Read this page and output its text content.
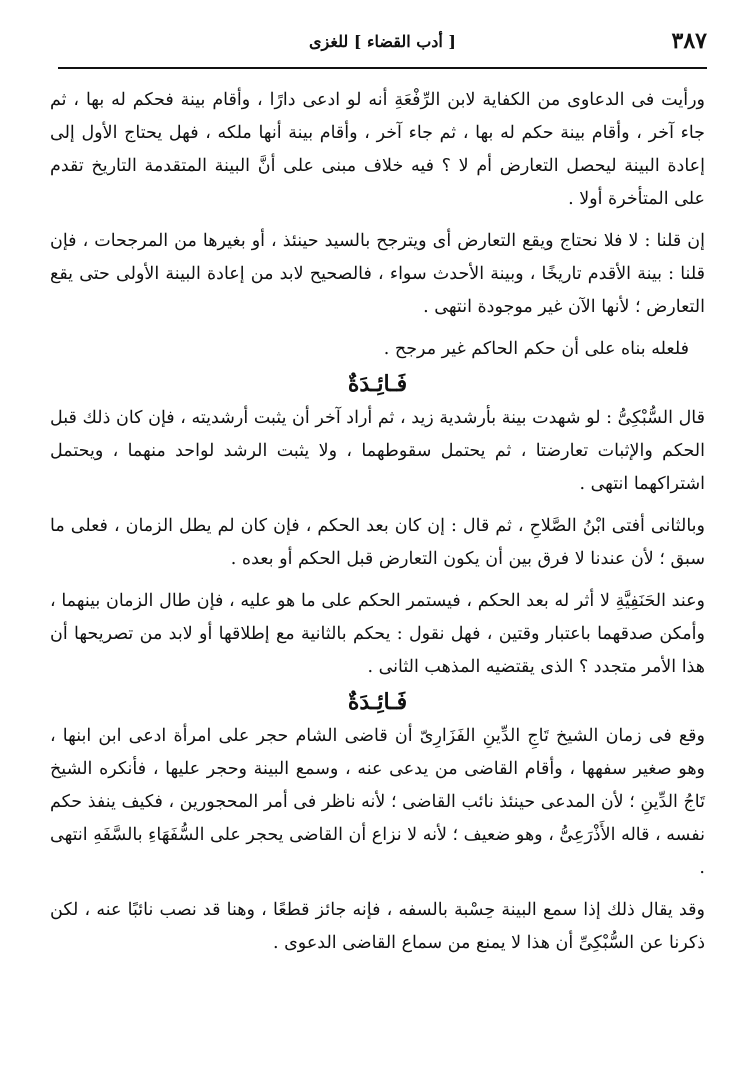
٣٨٧
[ أدب القضاء ] للغزى

ورأيت فى الدعاوى من الكفاية لابن الرِّفْعَةِ أنه لو ادعى دارًا ، وأقام بينة فحكم له بها ، ثم جاء آخر ، وأقام بينة حكم له بها ، ثم جاء آخر ، وأقام بينة أنها ملكه ، فهل يحتاج الأول إلى إعادة البينة ليحصل التعارض أم لا ؟ فيه خلاف مبنى على أنَّ البينة المتقدمة التاريخ تقدم على المتأخرة أولا .

إن قلنا : لا فلا نحتاج ويقع التعارض أى ويترجح بالسيد حينئذ ، أو بغيرها من المرجحات ، فإن قلنا : بينة الأقدم تاريخًا ، وبينة الأحدث سواء ، فالصحيح لابد من إعادة البينة الأولى حتى يقع التعارض ؛ لأنها الآن غير موجودة انتهى .

فلعله بناه على أن حكم الحاكم غير مرجح .

فَـائِـدَةٌ

قال السُّبْكِىُّ : لو شهدت بينة بأرشدية زيد ، ثم أراد آخر أن يثبت أرشديته ، فإن كان ذلك قبل الحكم والإثبات تعارضتا ، ثم يحتمل سقوطهما ، ولا يثبت الرشد لواحد منهما ، ويحتمل اشتراكهما انتهى .

وبالثانى أفتى ابْنُ الصَّلاحِ ، ثم قال : إن كان بعد الحكم ، فإن كان لم يطل الزمان ، فعلى ما سبق ؛ لأن عندنا لا فرق بين أن يكون التعارض قبل الحكم أو بعده .

وعند الحَنَفِيَّةِ لا أثر له بعد الحكم ، فيستمر الحكم على ما هو عليه ، فإن طال الزمان بينهما ، وأمكن صدقهما باعتبار وقتين ، فهل نقول : يحكم بالثانية مع إطلاقها أو لابد من تصريحها أن هذا الأمر متجدد ؟ الذى يقتضيه المذهب الثانى .

فَـائِـدَةٌ

وقع فى زمان الشيخ تَاجِ الدِّينِ الفَزَارِىّ أن قاضى الشام حجر على امرأة ادعى ابن ابنها ، وهو صغير سفهها ، وأقام القاضى من يدعى عنه ، وسمع البينة وحجر عليها ، فأنكره الشيخ تَاجُ الدِّينِ ؛ لأن المدعى حينئذ نائب القاضى ؛ لأنه ناظر فى أمر المحجورين ، فكيف ينفذ حكم نفسه ، قاله الأَذْرَعِىُّ ، وهو ضعيف ؛ لأنه لا نزاع أن القاضى يحجر على السُّفَهَاءِ بالسَّفَهِ انتهى .

وقد يقال ذلك إذا سمع البينة حِسْبة بالسفه ، فإنه جائز قطعًا ، وهنا قد نصب نائبًا عنه ، لكن ذكرنا عن السُّبْكِىِّ أن هذا لا يمنع من سماع القاضى الدعوى .
